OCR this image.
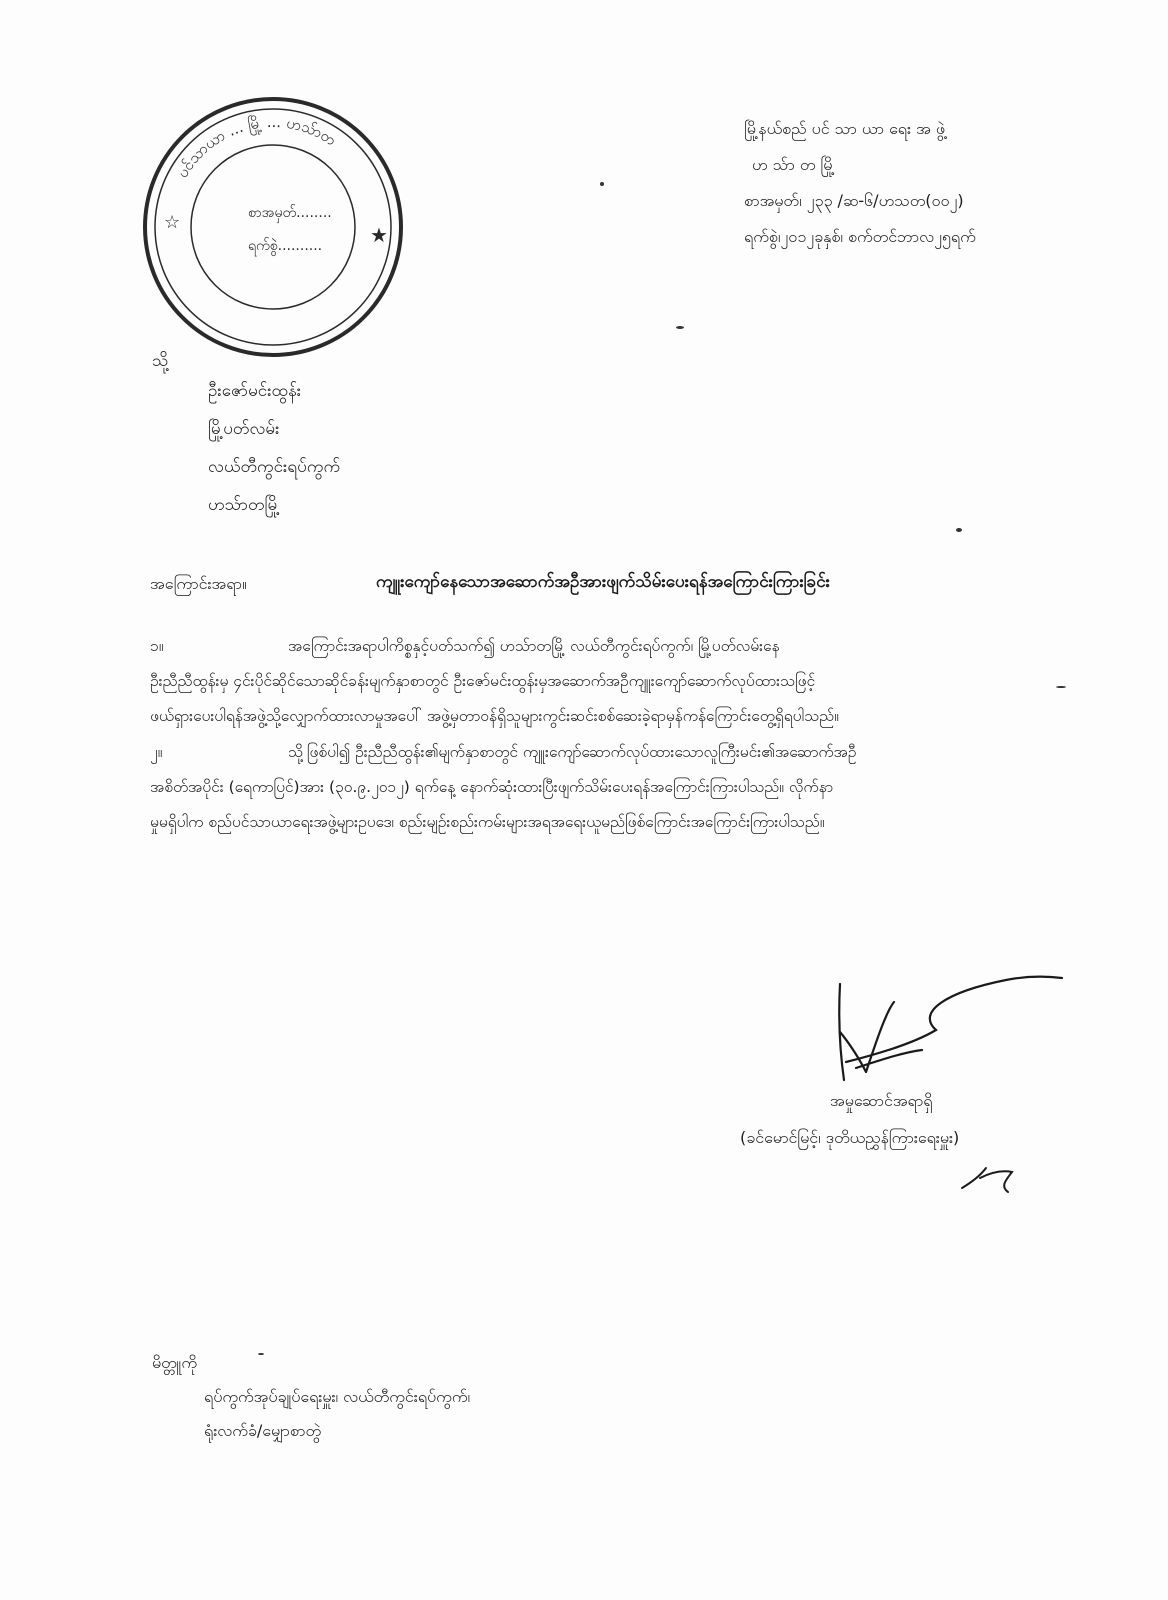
ပင်သာယာ ... မြို့ ... ဟသ်ာတ
စာအမှတ်........
ရက်စွဲ.......... ★
☆
မြို့နယ်စည် ပင် သာ ယာ ရေး အ ဖွဲ့
ဟ သ်ာ တ မြို့
စာအမှတ်၊ ၂၃၃ /ဆ-၆/ဟသတ(၀၀၂)
ရက်စွဲ၊၂၀၁၂ခုနှစ်၊ စက်တင်ဘာလ၂၅ရက်
သို့
ဦးဇော်မင်းထွန်း
မြို့ပတ်လမ်း
လယ်တီကွင်းရပ်ကွက်
ဟသ်ာတမြို့
အကြောင်းအရာ။	ကျူးကျော်နေသောအဆောက်အဦအားဖျက်သိမ်းပေးရန်အကြောင်းကြားခြင်း
၁။	အကြောင်းအရာပါကိစ္စနှင့်ပတ်သက်၍ ဟသ်ာတမြို့ လယ်တီကွင်းရပ်ကွက်၊ မြို့ပတ်လမ်းနေ
ဦးညီညီထွန်းမှ ၄င်းပိုင်ဆိုင်သောဆိုင်ခန်းမျက်နှာစာတွင် ဦးဇော်မင်းထွန်းမှအဆောက်အဦကျူးကျော်ဆောက်လုပ်ထားသဖြင့်
ဖယ်ရှားပေးပါရန်အဖွဲ့သို့လျှောက်ထားလာမှုအပေါ် အဖွဲ့မှတာဝန်ရှိသူများကွင်းဆင်းစစ်ဆေးခဲ့ရာမှန်ကန်ကြောင်းတွေ့ရှိရပါသည်။
၂။	သို့ဖြစ်ပါ၍ ဦးညီညီထွန်း၏မျက်နှာစာတွင် ကျူးကျော်ဆောက်လုပ်ထားသောလူကြီးမင်း၏အဆောက်အဦ
အစိတ်အပိုင်း (ရေကာပြင်)အား (၃၀.၉.၂၀၁၂) ရက်နေ့ နောက်ဆုံးထားပြီးဖျက်သိမ်းပေးရန်အကြောင်းကြားပါသည်။ လိုက်နာ
မှုမရှိပါက စည်ပင်သာယာရေးအဖွဲ့များဥပဒေ၊ စည်းမျဉ်းစည်းကမ်းများအရအရေးယူမည်ဖြစ်ကြောင်းအကြောင်းကြားပါသည်။
အမှုဆောင်အရာရှိ
(ခင်မောင်မြင့်၊ ဒုတိယညွှန်ကြားရေးမှူး)
မိတ္တူကို
ရပ်ကွက်အုပ်ချုပ်ရေးမှူး၊ လယ်တီကွင်းရပ်ကွက်၊
ရုံးလက်ခံ/မျှောစာတွဲ
